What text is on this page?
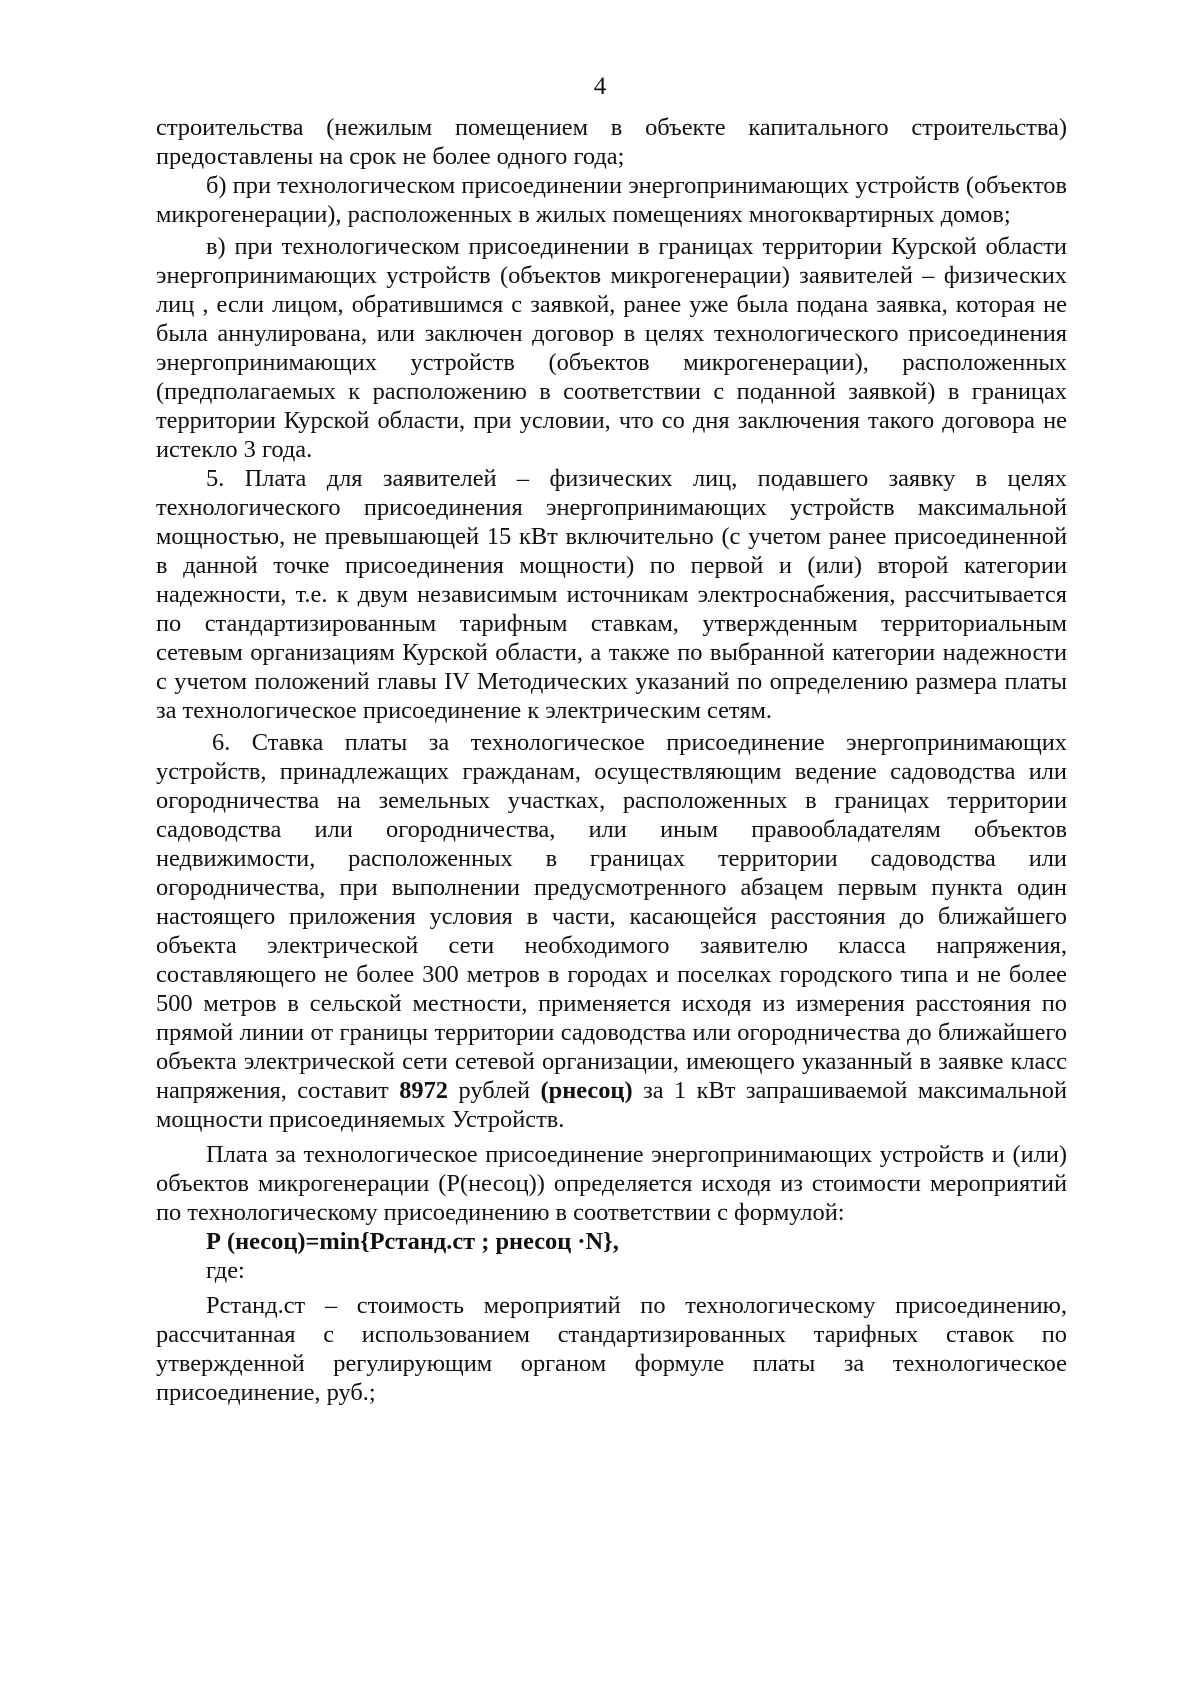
4

строительства (нежилым помещением в объекте капитального строительства) предоставлены на срок не более одного года;

б) при технологическом присоединении энергопринимающих устройств (объектов микрогенерации), расположенных в жилых помещениях многоквартирных домов;

в) при технологическом присоединении в границах территории Курской области энергопринимающих устройств (объектов микрогенерации) заявителей – физических лиц , если лицом, обратившимся с заявкой, ранее уже была подана заявка, которая не была аннулирована, или заключен договор в целях технологического присоединения энергопринимающих устройств (объектов микрогенерации), расположенных (предполагаемых к расположению в соответствии с поданной заявкой) в границах территории Курской области, при условии, что со дня заключения такого договора не истекло 3 года.

5. Плата для заявителей – физических лиц, подавшего заявку в целях технологического присоединения энергопринимающих устройств максимальной мощностью, не превышающей 15 кВт включительно (с учетом ранее присоединенной в данной точке присоединения мощности) по первой и (или) второй категории надежности, т.е. к двум независимым источникам электроснабжения, рассчитывается по стандартизированным тарифным ставкам, утвержденным территориальным сетевым организациям Курской области, а также по выбранной категории надежности с учетом положений главы IV Методических указаний по определению размера платы за технологическое присоединение к электрическим сетям.

6. Ставка платы за технологическое присоединение энергопринимающих устройств, принадлежащих гражданам, осуществляющим ведение садоводства или огородничества на земельных участках, расположенных в границах территории садоводства или огородничества, или иным правообладателям объектов недвижимости, расположенных в границах территории садоводства или огородничества, при выполнении предусмотренного абзацем первым пункта один настоящего приложения условия в части, касающейся расстояния до ближайшего объекта электрической сети необходимого заявителю класса напряжения, составляющего не более 300 метров в городах и поселках городского типа и не более 500 метров в сельской местности, применяется исходя из измерения расстояния по прямой линии от границы территории садоводства или огородничества до ближайшего объекта электрической сети сетевой организации, имеющего указанный в заявке класс напряжения, составит 8972 рублей (рнесоц) за 1 кВт запрашиваемой максимальной мощности присоединяемых Устройств.

Плата за технологическое присоединение энергопринимающих устройств и (или) объектов микрогенерации (Р(несоц)) определяется исходя из стоимости мероприятий по технологическому присоединению в соответствии с формулой:

Р (несоц)=min{Рстанд.ст ; рнесоц ·N},

где:

Рстанд.ст – стоимость мероприятий по технологическому присоединению, рассчитанная с использованием стандартизированных тарифных ставок по утвержденной регулирующим органом формуле платы за технологическое присоединение, руб.;
